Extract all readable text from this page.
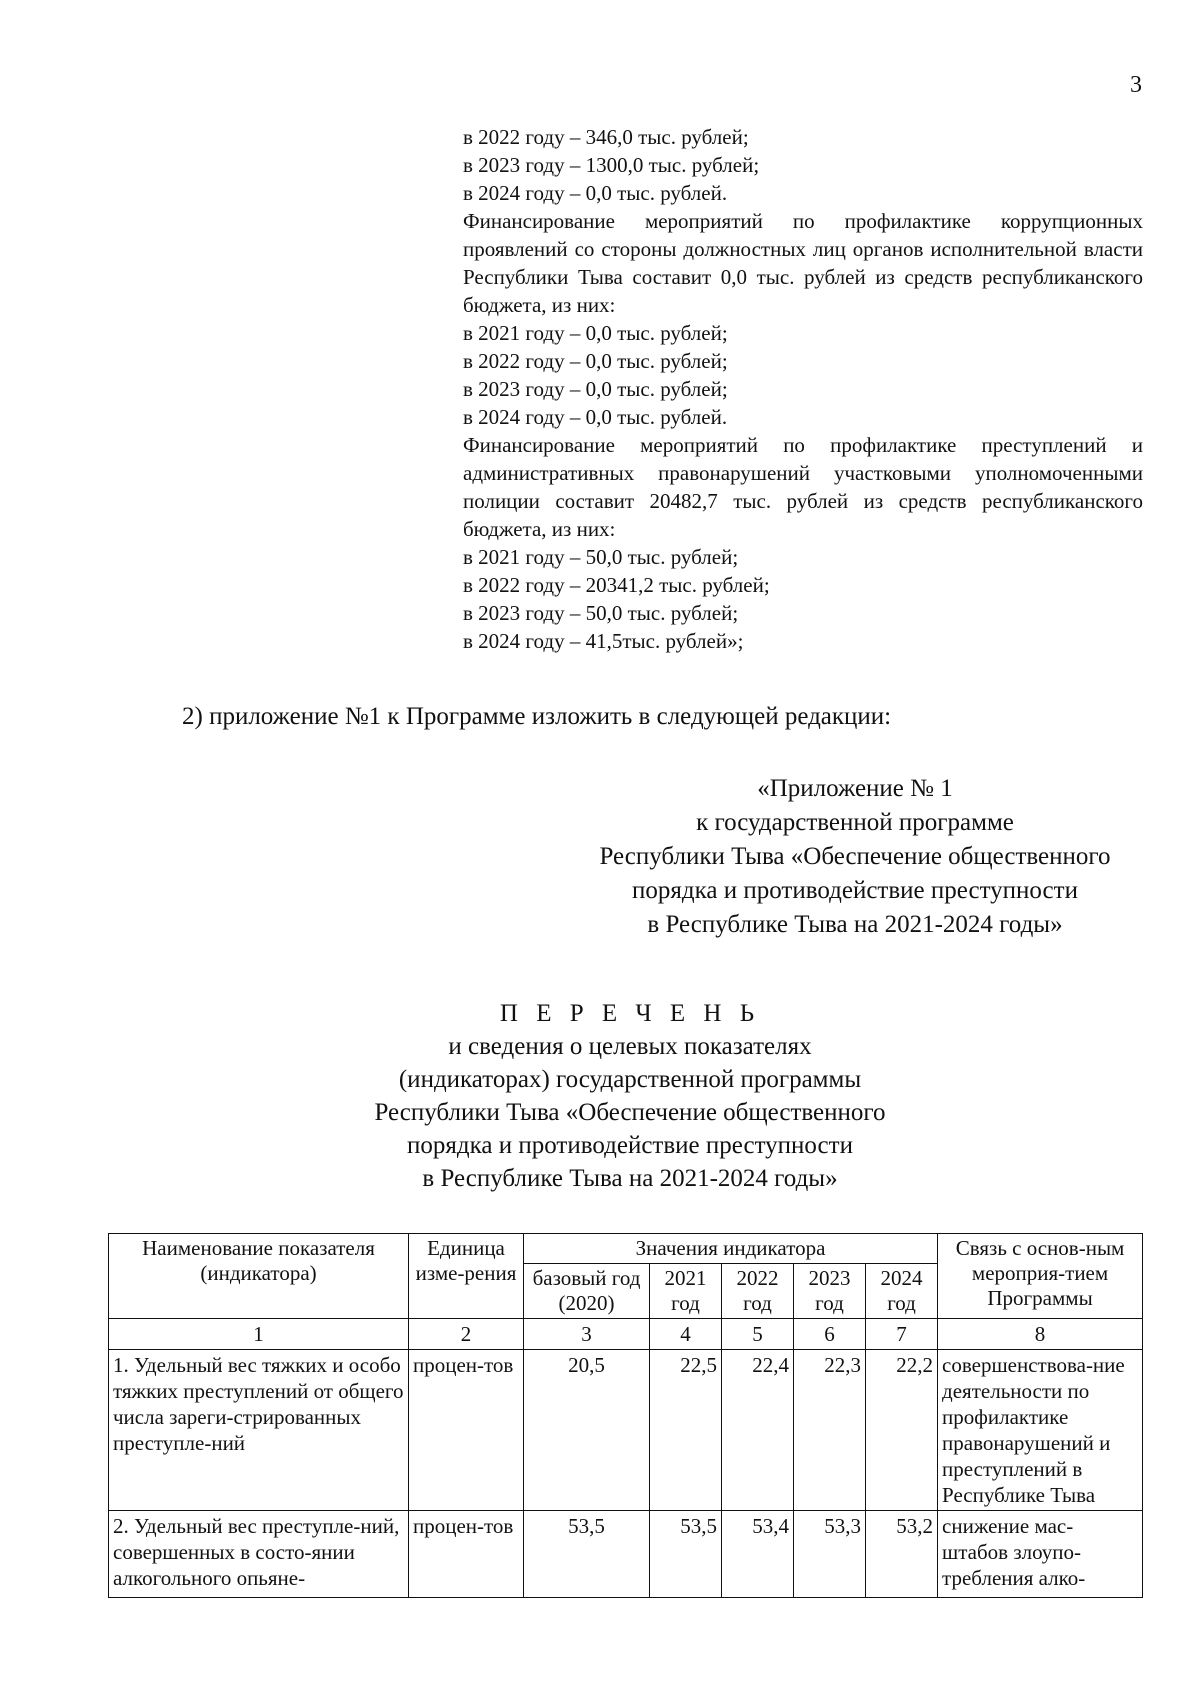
3
в 2022 году – 346,0 тыс. рублей;
в 2023 году – 1300,0 тыс. рублей;
в 2024 году – 0,0 тыс. рублей.
Финансирование мероприятий по профилактике коррупционных проявлений со стороны должностных лиц органов исполнительной власти Республики Тыва составит 0,0 тыс. рублей из средств республиканского бюджета, из них:
в 2021 году – 0,0 тыс. рублей;
в 2022 году – 0,0 тыс. рублей;
в 2023 году – 0,0 тыс. рублей;
в 2024 году – 0,0 тыс. рублей.
Финансирование мероприятий по профилактике преступлений и административных правонарушений участковыми уполномоченными полиции составит 20482,7 тыс. рублей из средств республиканского бюджета, из них:
в 2021 году – 50,0 тыс. рублей;
в 2022 году – 20341,2 тыс. рублей;
в 2023 году – 50,0 тыс. рублей;
в 2024 году – 41,5тыс. рублей»;
2) приложение №1 к Программе изложить в следующей редакции:
«Приложение № 1
к государственной программе
Республики Тыва «Обеспечение общественного
порядка и противодействие преступности
в Республике Тыва на 2021-2024 годы»
П Е Р Е Ч Е Н Ь
и сведения о целевых показателях
(индикаторах) государственной программы
Республики Тыва «Обеспечение общественного
порядка и противодействие преступности
в Республике Тыва на 2021-2024 годы»
Наименование показателя (индикатора)	Единица изме-рения	Значения индикатора					Связь с основ-ным мероприя-тием Программы
		базовый год (2020)	2021 год	2022 год	2023 год	2024 год	
1	2	3	4	5	6	7	8
1. Удельный вес тяжких и особо тяжких преступлений от общего числа зареги-стрированных преступле-ний	процен-тов	20,5	22,5	22,4	22,3	22,2	совершенствова-ние деятельности по профилактике правонарушений и преступлений в Республике Тыва
2. Удельный вес преступле-ний, совершенных в состо-янии алкогольного опьяне-	процен-тов	53,5	53,5	53,4	53,3	53,2	снижение мас-штабов злоупо-требления алко-
